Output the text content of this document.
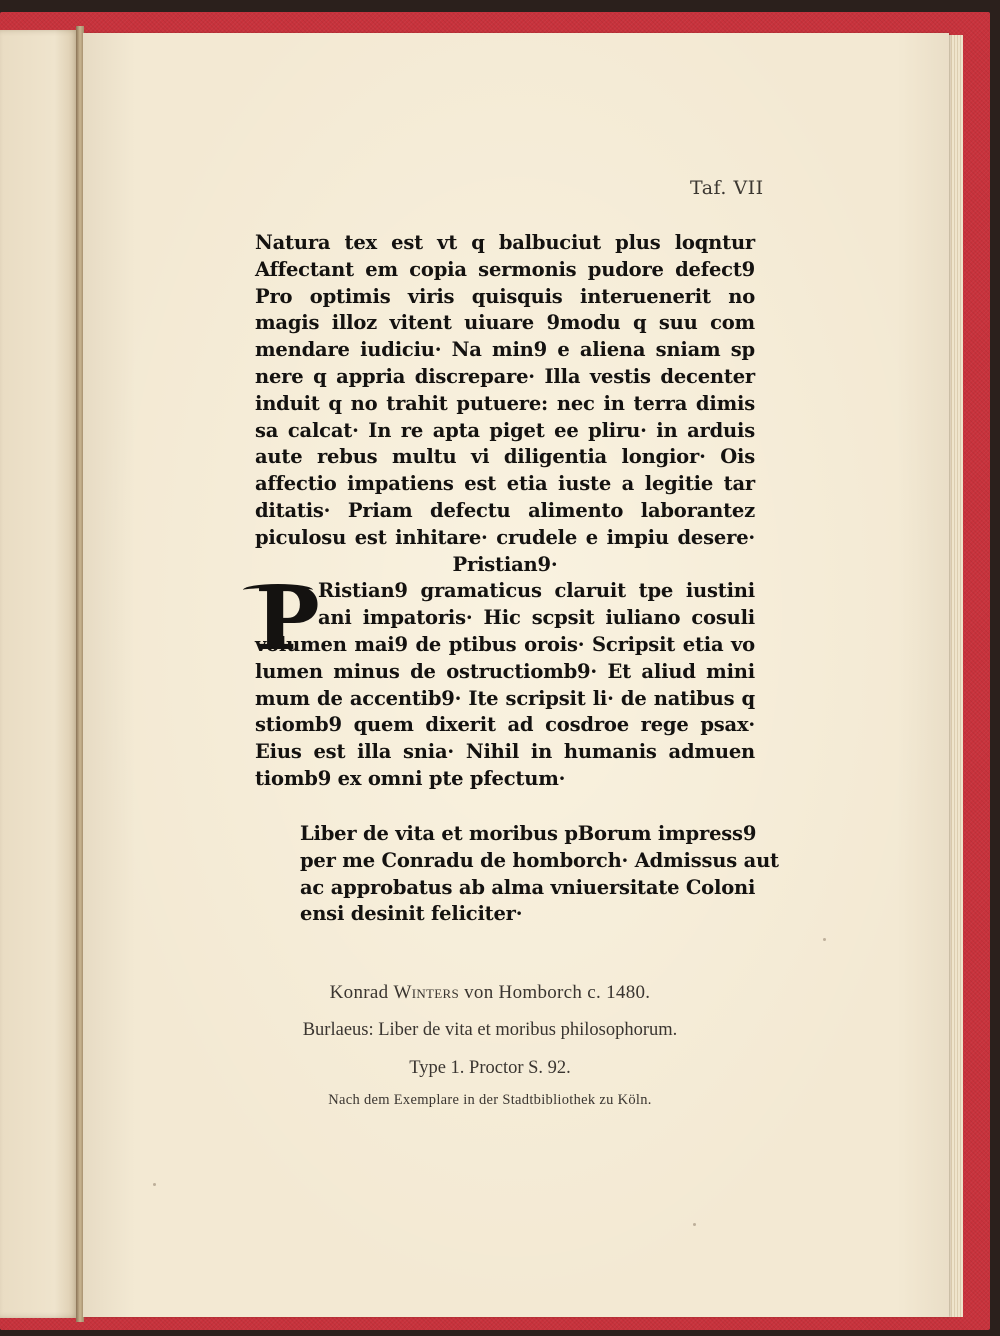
Taf. VII
Natura tex est vt q balbuciut plus loqntur
Affectant em copia sermonis pudore defect9
Pro optimis viris quisquis interuenerit no
magis illoz vitent uiuare 9modu q suu com
mendare iudiciu· Na min9 e aliena sniam sp
nere q appria discrepare· Illa vestis decenter
induit q no trahit putuere: nec in terra dimis
sa calcat· In re apta piget ee pliru· in arduis
aute rebus multu vi diligentia longior· Ois
affectio impatiens est etia iuste a legitie tar
ditatis· Priam defectu alimento laborantez
piculosu est inhitare· crudele e impiu desere·
Pristian9·
Ristian9 gramaticus claruit tpe iustini
ani impatoris· Hic scpsit iuliano cosuli
volumen mai9 de ptibus orois· Scripsit etia vo
lumen minus de ostructiomb9· Et aliud mini
mum de accentib9· Ite scripsit li· de natibus q
stiomb9 quem dixerit ad cosdroe rege psax·
Eius est illa snia· Nihil in humanis admuen
tiomb9 ex omni pte pfectum·
P
Liber de vita et moribus pBorum impress9
per me Conradu de homborch· Admissus aut
ac approbatus ab alma vniuersitate Coloni
ensi desinit feliciter·
Konrad Winters von Homborch c. 1480.
Burlaeus: Liber de vita et moribus philosophorum.
Type 1. Proctor S. 92.
Nach dem Exemplare in der Stadtbibliothek zu Köln.
